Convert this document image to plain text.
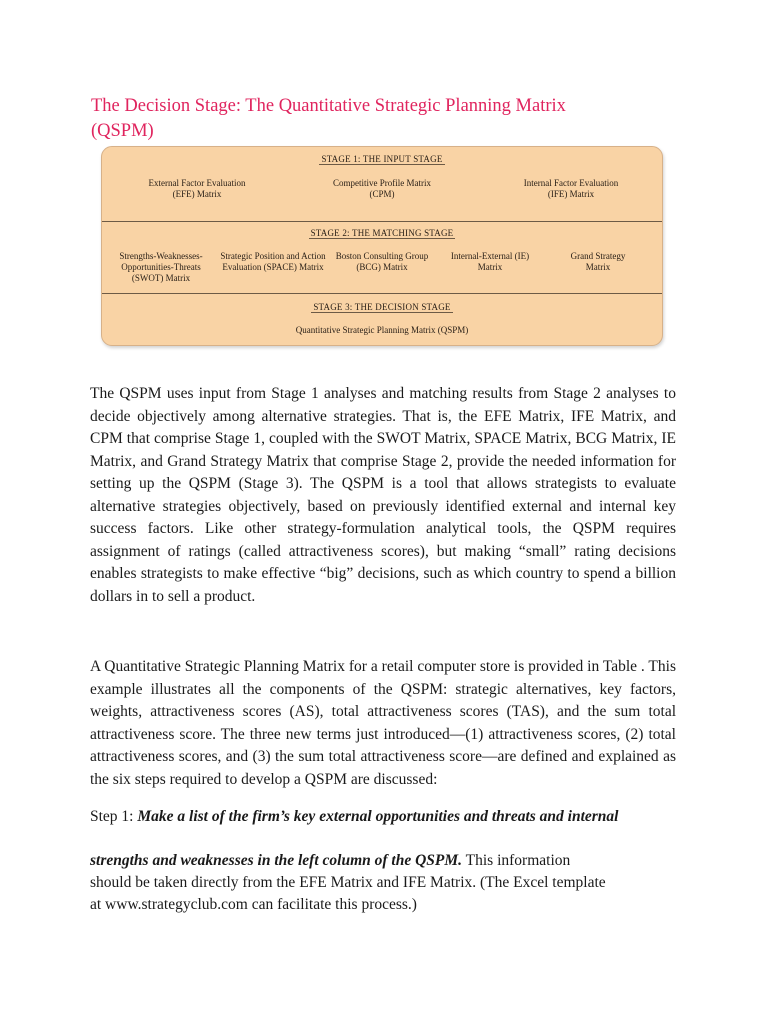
The Decision Stage: The Quantitative Strategic Planning Matrix (QSPM)
STAGE 1: THE INPUT STAGE
External Factor Evaluation (EFE) Matrix
Competitive Profile Matrix (CPM)
Internal Factor Evaluation (IFE) Matrix
STAGE 2: THE MATCHING STAGE
Strengths-Weaknesses-Opportunities-Threats (SWOT) Matrix
Strategic Position and Action Evaluation (SPACE) Matrix
Boston Consulting Group (BCG) Matrix
Internal-External (IE) Matrix
Grand Strategy Matrix
STAGE 3: THE DECISION STAGE
Quantitative Strategic Planning Matrix (QSPM)

The QSPM uses input from Stage 1 analyses and matching results from Stage 2 analyses to decide objectively among alternative strategies. That is, the EFE Matrix, IFE Matrix, and CPM that comprise Stage 1, coupled with the SWOT Matrix, SPACE Matrix, BCG Matrix, IE Matrix, and Grand Strategy Matrix that comprise Stage 2, provide the needed information for setting up the QSPM (Stage 3). The QSPM is a tool that allows strategists to evaluate alternative strategies objectively, based on previously identified external and internal key success factors. Like other strategy-formulation analytical tools, the QSPM requires assignment of ratings (called attractiveness scores), but making “small” rating decisions enables strategists to make effective “big” decisions, such as which country to spend a billion dollars in to sell a product.

A Quantitative Strategic Planning Matrix for a retail computer store is provided in Table . This example illustrates all the components of the QSPM: strategic alternatives, key factors, weights, attractiveness scores (AS), total attractiveness scores (TAS), and the sum total attractiveness score. The three new terms just introduced—(1) attractiveness scores, (2) total attractiveness scores, and (3) the sum total attractiveness score—are defined and explained as the six steps required to develop a QSPM are discussed:

Step 1: Make a list of the firm’s key external opportunities and threats and internal

strengths and weaknesses in the left column of the QSPM. This information

should be taken directly from the EFE Matrix and IFE Matrix. (The Excel template

at www.strategyclub.com can facilitate this process.)
